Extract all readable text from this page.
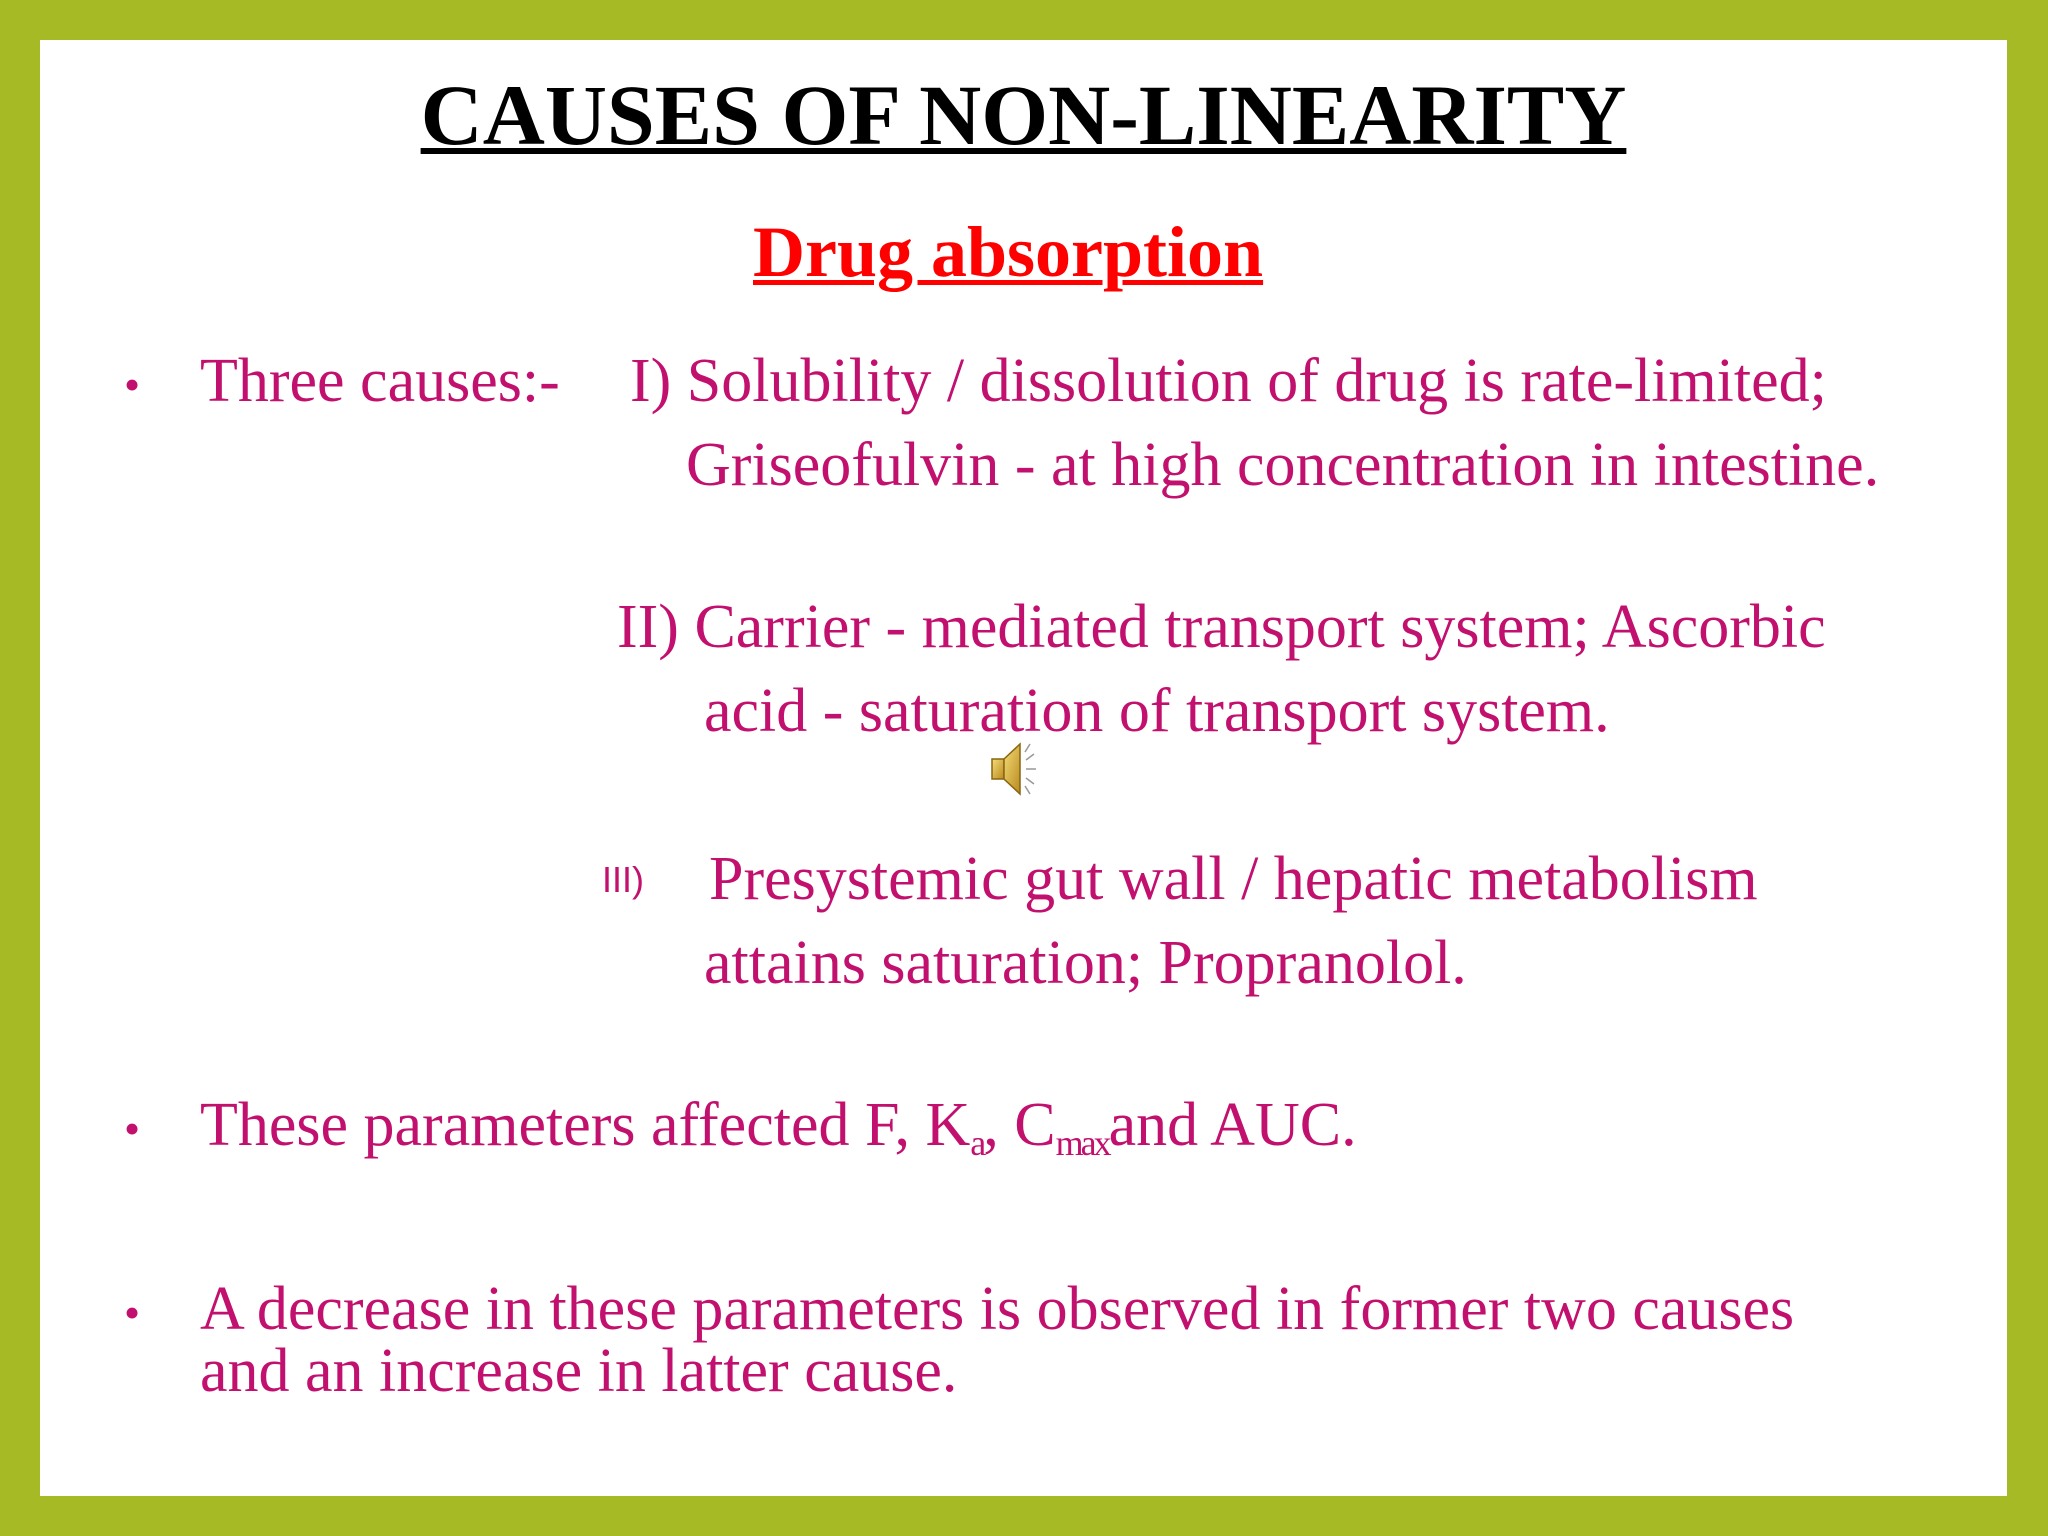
CAUSES OF NON-LINEARITY
Drug absorption
• Three causes:- I) Solubility / dissolution of drug is rate-limited;
Griseofulvin - at high concentration in intestine.
II) Carrier - mediated transport system; Ascorbic
acid - saturation of transport system.
III) Presystemic gut wall / hepatic metabolism
attains saturation; Propranolol.
• These parameters affected F, $K_a$, $C_{max}and$ AUC.
• A decrease in these parameters is observed in former two causes
and an increase in latter cause.
